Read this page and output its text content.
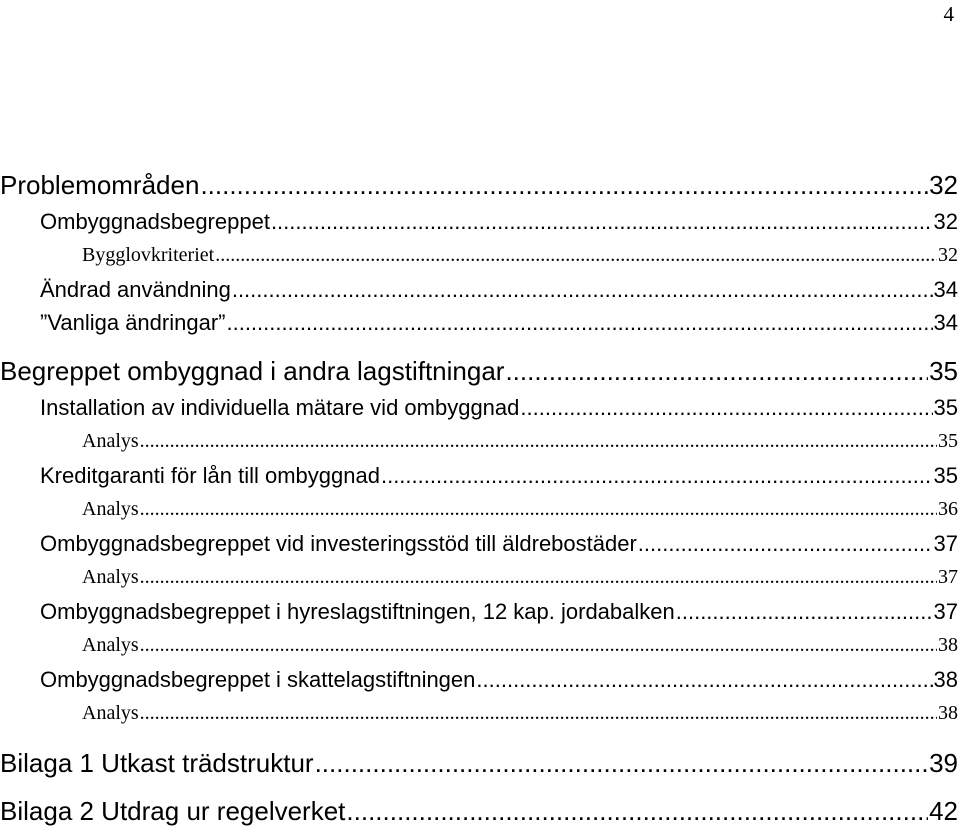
4
Problemområden .....	32
Ombyggnadsbegreppet .....	32
Bygglovkriteriet .....	32
Ändrad användning .....	34
”Vanliga ändringar” .....	34
Begreppet ombyggnad i andra lagstiftningar .....	35
Installation av individuella mätare vid ombyggnad .....	35
Analys .....	35
Kreditgaranti för lån till ombyggnad .....	35
Analys .....	36
Ombyggnadsbegreppet vid investeringsstöd till äldrebostäder .....	37
Analys .....	37
Ombyggnadsbegreppet i hyreslagstiftningen, 12 kap. jordabalken .....	37
Analys .....	38
Ombyggnadsbegreppet i skattelagstiftningen .....	38
Analys .....	38
Bilaga 1 Utkast trädstruktur .....	39
Bilaga 2 Utdrag ur regelverket .....	42
